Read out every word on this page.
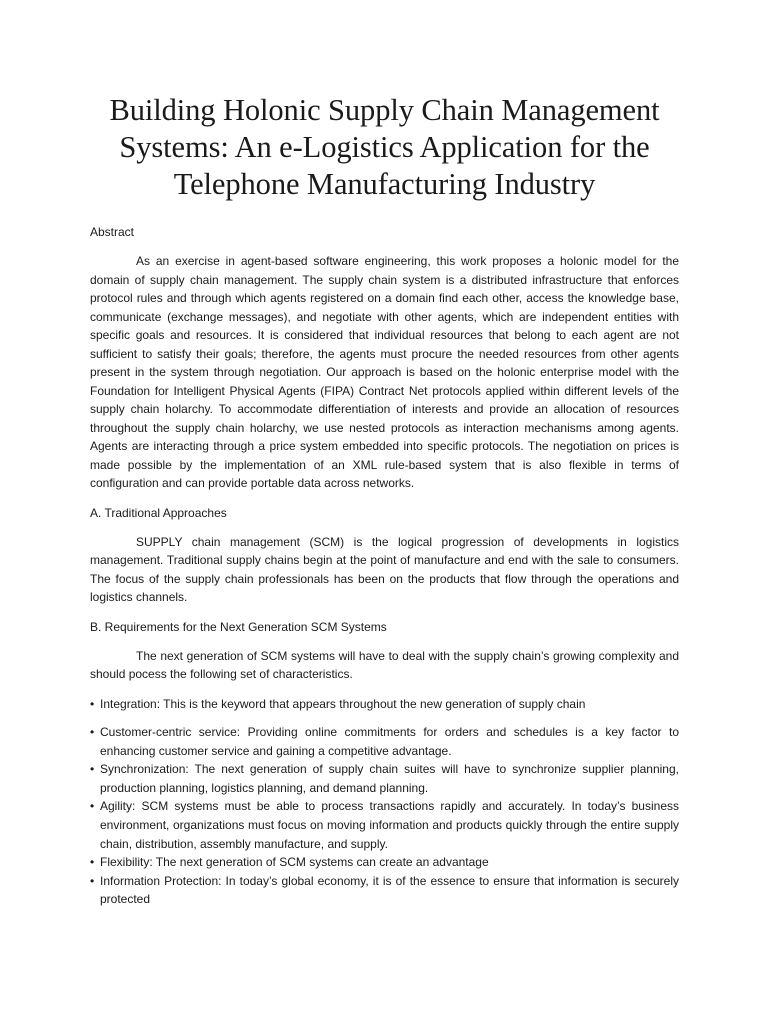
Building Holonic Supply Chain Management Systems: An e-Logistics Application for the Telephone Manufacturing Industry
Abstract

As an exercise in agent-based software engineering, this work proposes a holonic model for the domain of supply chain management. The supply chain system is a distributed infrastructure that enforces protocol rules and through which agents registered on a domain find each other, access the knowledge base, communicate (exchange messages), and negotiate with other agents, which are independent entities with specific goals and resources. It is considered that individual resources that belong to each agent are not sufficient to satisfy their goals; therefore, the agents must procure the needed resources from other agents present in the system through negotiation. Our approach is based on the holonic enterprise model with the Foundation for Intelligent Physical Agents (FIPA) Contract Net protocols applied within different levels of the supply chain holarchy. To accommodate differentiation of interests and provide an allocation of resources throughout the supply chain holarchy, we use nested protocols as interaction mechanisms among agents. Agents are interacting through a price system embedded into specific protocols. The negotiation on prices is made possible by the implementation of an XML rule-based system that is also flexible in terms of configuration and can provide portable data across networks.

A. Traditional Approaches

SUPPLY chain management (SCM) is the logical progression of developments in logistics management. Traditional supply chains begin at the point of manufacture and end with the sale to consumers. The focus of the supply chain professionals has been on the products that flow through the operations and logistics channels.

B. Requirements for the Next Generation SCM Systems

The next generation of SCM systems will have to deal with the supply chain’s growing complexity and should pocess the following set of characteristics.

• Integration: This is the keyword that appears throughout the new generation of supply chain
• Customer-centric service: Providing online commitments for orders and schedules is a key factor to enhancing customer service and gaining a competitive advantage.
• Synchronization: The next generation of supply chain suites will have to synchronize supplier planning, production planning, logistics planning, and demand planning.
• Agility: SCM systems must be able to process transactions rapidly and accurately. In today’s business environment, organizations must focus on moving information and products quickly through the entire supply chain, distribution, assembly manufacture, and supply.
• Flexibility: The next generation of SCM systems can create an advantage
• Information Protection: In today’s global economy, it is of the essence to ensure that information is securely protected
